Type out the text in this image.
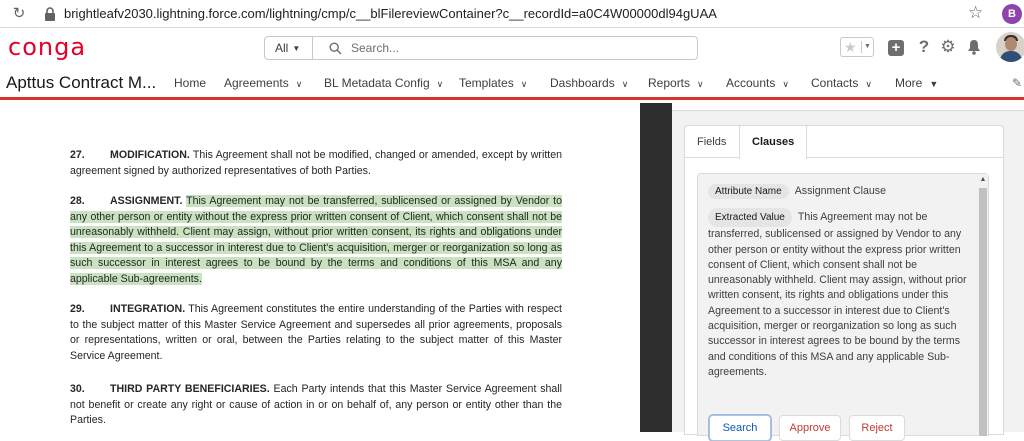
↻	brightleafv2030.lightning.force.com/lightning/cmp/c__blFilereviewContainer?c__recordId=a0C4W00000dl94gUAA	☆	B
conga	All ▼
Search...	★	▼	+	? ⚙
Apttus Contract M... Home Agreements ∨ BL Metadata Config ∨ Templates ∨ Dashboards ∨ Reports ∨ Accounts ∨ Contacts ∨ More ▼	✎

27. MODIFICATION. This Agreement shall not be modified, changed or amended, except by written agreement signed by authorized representatives of both Parties.

28. ASSIGNMENT. This Agreement may not be transferred, sublicensed or assigned by Vendor to any other person or entity without the express prior written consent of Client, which consent shall not be unreasonably withheld. Client may assign, without prior written consent, its rights and obligations under this Agreement to a successor in interest due to Client's acquisition, merger or reorganization so long as such successor in interest agrees to be bound by the terms and conditions of this MSA and any applicable Sub-agreements.

29. INTEGRATION. This Agreement constitutes the entire understanding of the Parties with respect to the subject matter of this Master Service Agreement and supersedes all prior agreements, proposals or representations, written or oral, between the Parties relating to the subject matter of this Master Service Agreement.

30. THIRD PARTY BENEFICIARIES. Each Party intends that this Master Service Agreement shall not benefit or create any right or cause of action in or on behalf of, any person or entity other than the Parties.

Fields	Clauses
Attribute Name Assignment Clause
Extracted Value This Agreement may not be transferred, sublicensed or assigned by Vendor to any other person or entity without the express prior written consent of Client, which consent shall not be unreasonably withheld. Client may assign, without prior written consent, its rights and obligations under this Agreement to a successor in interest due to Client's acquisition, merger or reorganization so long as such successor in interest agrees to be bound by the terms and conditions of this MSA and any applicable Sub-agreements.
▲
Search	Approve	Reject
